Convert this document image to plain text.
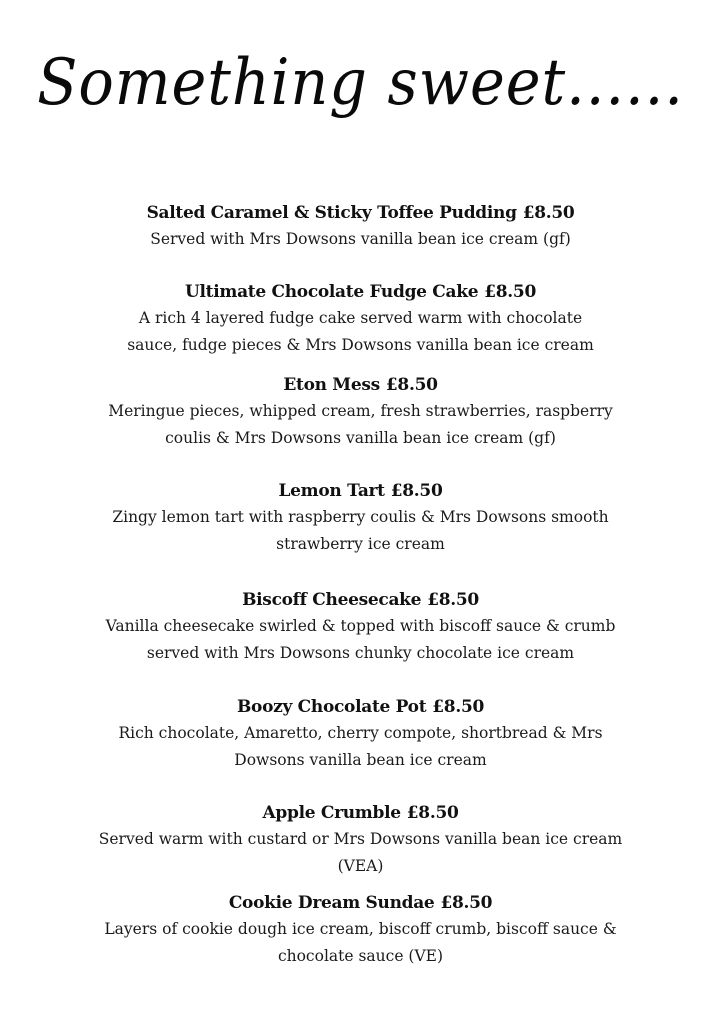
Something sweet......
Salted Caramel & Sticky Toffee Pudding £8.50
Served with Mrs Dowsons vanilla bean ice cream (gf)
Ultimate Chocolate Fudge Cake £8.50
A rich 4 layered fudge cake served warm with chocolate
sauce, fudge pieces & Mrs Dowsons vanilla bean ice cream
Eton Mess £8.50
Meringue pieces, whipped cream, fresh strawberries, raspberry
coulis & Mrs Dowsons vanilla bean ice cream (gf)
Lemon Tart £8.50
Zingy lemon tart with raspberry coulis & Mrs Dowsons smooth
strawberry ice cream
Biscoff Cheesecake £8.50
Vanilla cheesecake swirled & topped with biscoff sauce & crumb
served with Mrs Dowsons chunky chocolate ice cream
Boozy Chocolate Pot £8.50
Rich chocolate, Amaretto, cherry compote, shortbread & Mrs
Dowsons vanilla bean ice cream
Apple Crumble £8.50
Served warm with custard or Mrs Dowsons vanilla bean ice cream
(VEA)
Cookie Dream Sundae £8.50
Layers of cookie dough ice cream, biscoff crumb, biscoff sauce &
chocolate sauce (VE)
